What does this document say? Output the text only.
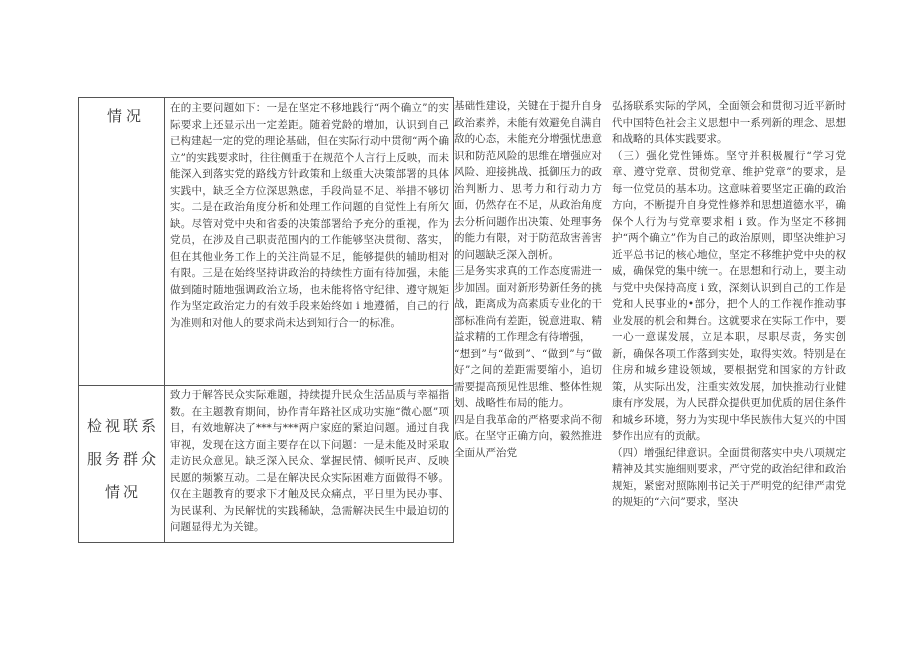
情况	在的主要问题如下：一是在坚定不移地践行“两个确立”的实际要求上还显示出一定差距。随着党龄的增加，认识到自己已构建起一定的党的理论基础，但在实际行动中贯彻“两个确立”的实践要求时，往往侧重于在规范个人言行上反映，而未能深入到落实党的路线方针政策和上级重大决策部署的具体实践中，缺乏全方位深思熟虑，手段尚显不足、举措不够切实。二是在政治角度分析和处理工作问题的自觉性上有所欠缺。尽管对党中央和省委的决策部署给予充分的重视，作为党员，在涉及自己职责范围内的工作能够坚决贯彻、落实，但在其他业务工作上的关注尚显不足，能够提供的辅助相对有限。三是在始终坚持讲政治的持续性方面有待加强，未能做到随时随地强调政治立场，也未能将恪守纪律、遵守规矩作为坚定政治定力的有效手段来始终如 i 地遵循，自己的行为准则和对他人的要求尚未达到知行合一的标准。
检视联系服务群众情况
致力于解答民众实际难题，持续提升民众生活品质与幸福指数。在主题教育期间，协作青年路社区成功实施“微心愿”项目，有效地解决了***与***两户家庭的紧迫问题。通过自我审视，发现在这方面主要存在以下问题：一是未能及时采取走访民众意见。缺乏深入民众、掌握民情、倾听民声、反映民愿的频繁互动。二是在解决民众实际困难方面做得不够。仅在主题教育的要求下才触及民众痛点，平日里为民办事、为民谋利、为民解忧的实践稀缺，急需解决民生中最迫切的问题显得尤为关键。

基础性建设，关键在于提升自身政治素养，未能有效避免自满自敌的心态，未能充分增强忧患意识和防范风险的思维在增强应对风险、迎接挑战、抵御压力的政治判断力、思考力和行动力方面，仍然存在不足，从政治角度去分析问题作出决策、处理事务的能力有限，对于防范敌害善害的问题缺乏深入剖析。

三是务实求真的工作态度需进一步加固。面对新形势新任务的挑战，距离成为高素质专业化的干部标准尚有差距，锐意进取、精益求精的工作理念有待增强，

“想到”与“做到”、“做到”与“做好”之间的差距需要缩小，追切需要提高预见性思维、整体性规划、战略性布局的能力。

四是自我革命的严格要求尚不彻底。在坚守正确方向，毅然推进全面从严治党

弘扬联系实际的学风，全面领会和贯彻习近平新时代中国特色社会主义思想中一系列新的理念、思想和战略的具体实践要求。

（三）强化党性锤炼。坚守并积极履行“学习党章、遵守党章、贯彻党章、维护党章”的要求，是每一位党员的基本功。这意味着要坚定正确的政治方向，不断提升自身党性修养和思想道德水平，确保个人行为与党章要求相 i 致。作为坚定不移拥护“两个确立”作为自己的政治原则，即坚决维护习近平总书记的核心地位，坚定不移维护党中央的权威，确保党的集中统一。在思想和行动上，要主动与党中央保持高度 i 致，深刻认识到自己的工作是党和人民事业的•部分，把个人的工作视作推动事业发展的机会和舞台。这就要求在实际工作中，要一心一意谋发展，立足本职，尽职尽责，务实创新，确保各项工作落到实处，取得实效。特别是在住房和城乡建设领域，要根据党和国家的方针政策，从实际出发，注重实效发展，加快推动行业健康有序发展，为人民群众提供更加优质的居住条件和城乡环境，努力为实现中华民族伟大复兴的中国梦作出应有的贡献。

（四）增强纪律意识。全面贯彻落实中央八项规定精神及其实施细则要求，严守党的政治纪律和政治规矩，紧密对照陈刚书记关于严明党的纪律严肃党的规矩的“六问”要求，坚决
